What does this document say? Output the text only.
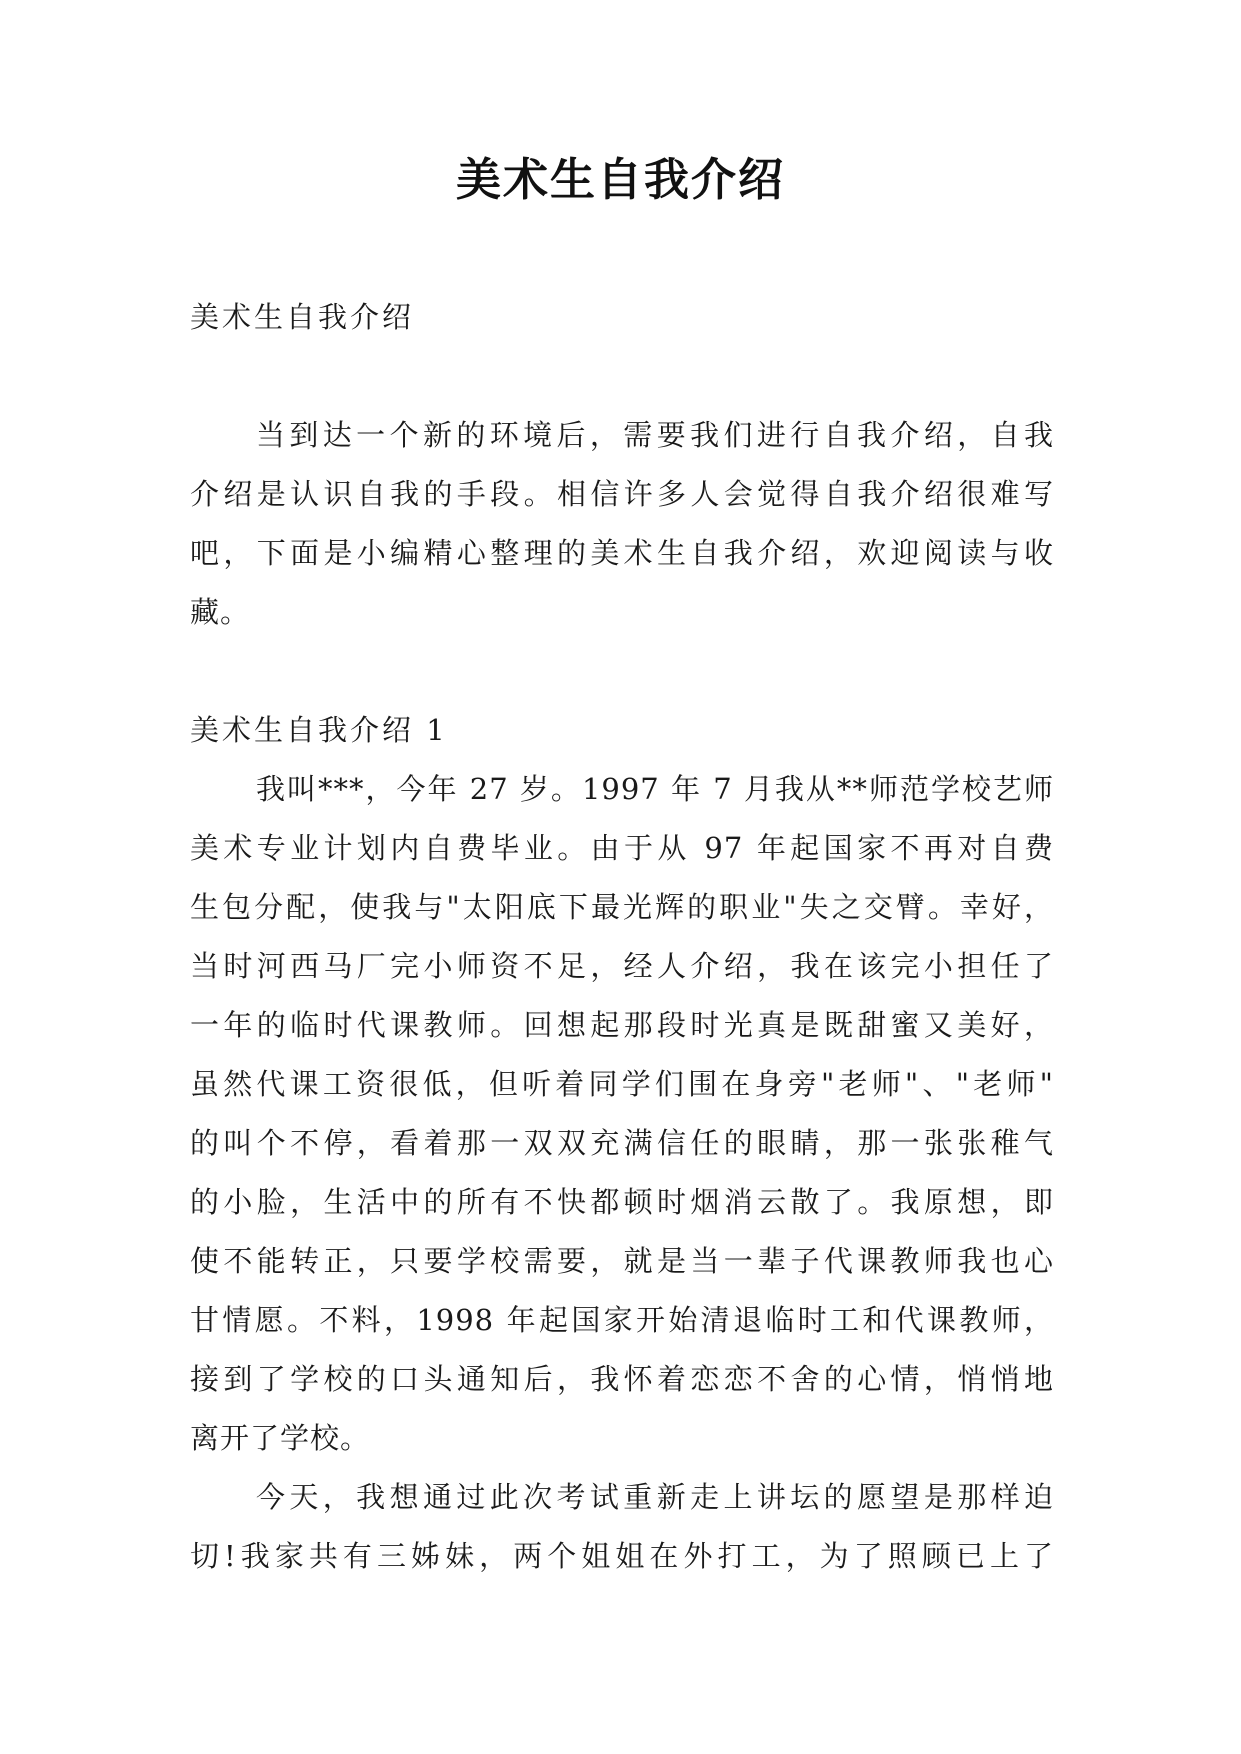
美术生自我介绍
美术生自我介绍
当到达一个新的环境后，需要我们进行自我介绍，自我
介绍是认识自我的手段。相信许多人会觉得自我介绍很难写
吧，下面是小编精心整理的美术生自我介绍，欢迎阅读与收
藏。
美术生自我介绍 1
我叫***，今年 27 岁。1997 年 7 月我从**师范学校艺师
美术专业计划内自费毕业。由于从 97 年起国家不再对自费
生包分配，使我与"太阳底下最光辉的职业"失之交臂。幸好，
当时河西马厂完小师资不足，经人介绍，我在该完小担任了
一年的临时代课教师。回想起那段时光真是既甜蜜又美好，
虽然代课工资很低，但听着同学们围在身旁"老师"、"老师"
的叫个不停，看着那一双双充满信任的眼睛，那一张张稚气
的小脸，生活中的所有不快都顿时烟消云散了。我原想，即
使不能转正，只要学校需要，就是当一辈子代课教师我也心
甘情愿。不料，1998 年起国家开始清退临时工和代课教师，
接到了学校的口头通知后，我怀着恋恋不舍的心情，悄悄地
离开了学校。
今天，我想通过此次考试重新走上讲坛的愿望是那样迫
切!我家共有三姊妹，两个姐姐在外打工，为了照顾已上了
